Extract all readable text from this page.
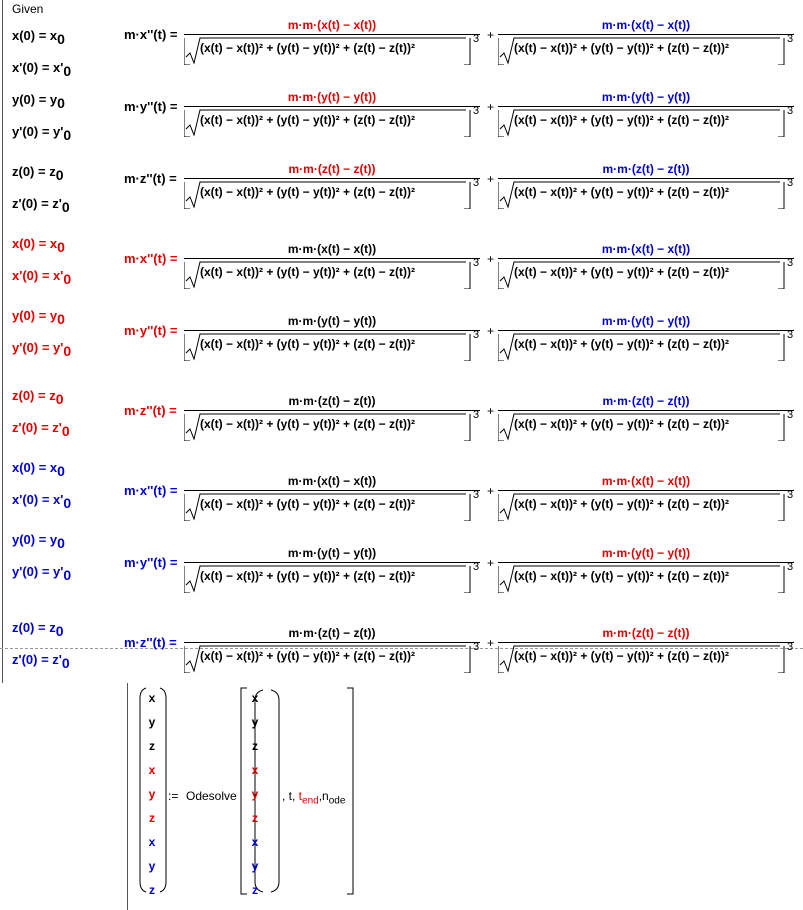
Given
$x(0) = x_0$
$x'(0) = x'_0$
$y(0) = y_0$
$y'(0) = y'_0$
$z(0) = z_0$
$z'(0) = z'_0$
$x(0) = x_0$
$x'(0) = x'_0$
$y(0) = y_0$
$y'(0) = y'_0$
$z(0) = z_0$
$z'(0) = z'_0$
$x(0) = x_0$
$x'(0) = x'_0$
$y(0) = y_0$
$y'(0) = y'_0$
$z(0) = z_0$
$z'(0) = z'_0$
m·x''(t) =
m·m·(x(t) − x(t))
(x(t) − x(t))² + (y(t) − y(t))² + (z(t) − z(t))²
3
m·m·(x(t) − x(t))
(x(t) − x(t))² + (y(t) − y(t))² + (z(t) − z(t))²
3
+
m·y''(t) =
m·m·(y(t) − y(t))
(x(t) − x(t))² + (y(t) − y(t))² + (z(t) − z(t))²
3
m·m·(y(t) − y(t))
(x(t) − x(t))² + (y(t) − y(t))² + (z(t) − z(t))²
3
+
m·z''(t) =
m·m·(z(t) − z(t))
(x(t) − x(t))² + (y(t) − y(t))² + (z(t) − z(t))²
3
m·m·(z(t) − z(t))
(x(t) − x(t))² + (y(t) − y(t))² + (z(t) − z(t))²
3
+
m·x''(t) =
m·m·(x(t) − x(t))
(x(t) − x(t))² + (y(t) − y(t))² + (z(t) − z(t))²
3
m·m·(x(t) − x(t))
(x(t) − x(t))² + (y(t) − y(t))² + (z(t) − z(t))²
3
+
m·y''(t) =
m·m·(y(t) − y(t))
(x(t) − x(t))² + (y(t) − y(t))² + (z(t) − z(t))²
3
m·m·(y(t) − y(t))
(x(t) − x(t))² + (y(t) − y(t))² + (z(t) − z(t))²
3
+
m·z''(t) =
m·m·(z(t) − z(t))
(x(t) − x(t))² + (y(t) − y(t))² + (z(t) − z(t))²
3
m·m·(z(t) − z(t))
(x(t) − x(t))² + (y(t) − y(t))² + (z(t) − z(t))²
3
+
m·x''(t) =
m·m·(x(t) − x(t))
(x(t) − x(t))² + (y(t) − y(t))² + (z(t) − z(t))²
3
m·m·(x(t) − x(t))
(x(t) − x(t))² + (y(t) − y(t))² + (z(t) − z(t))²
3
+
m·y''(t) =
m·m·(y(t) − y(t))
(x(t) − x(t))² + (y(t) − y(t))² + (z(t) − z(t))²
3
m·m·(y(t) − y(t))
(x(t) − x(t))² + (y(t) − y(t))² + (z(t) − z(t))²
3
+
m·z''(t) =
m·m·(z(t) − z(t))
(x(t) − x(t))² + (y(t) − y(t))² + (z(t) − z(t))²
3
m·m·(z(t) − z(t))
(x(t) − x(t))² + (y(t) − y(t))² + (z(t) − z(t))²
3
+
x
y
z
x
y
z
x
y
z
:= Odesolve
x
y
z
x
y
z
x
y
z
, t, $t_{end},n_{ode}$
